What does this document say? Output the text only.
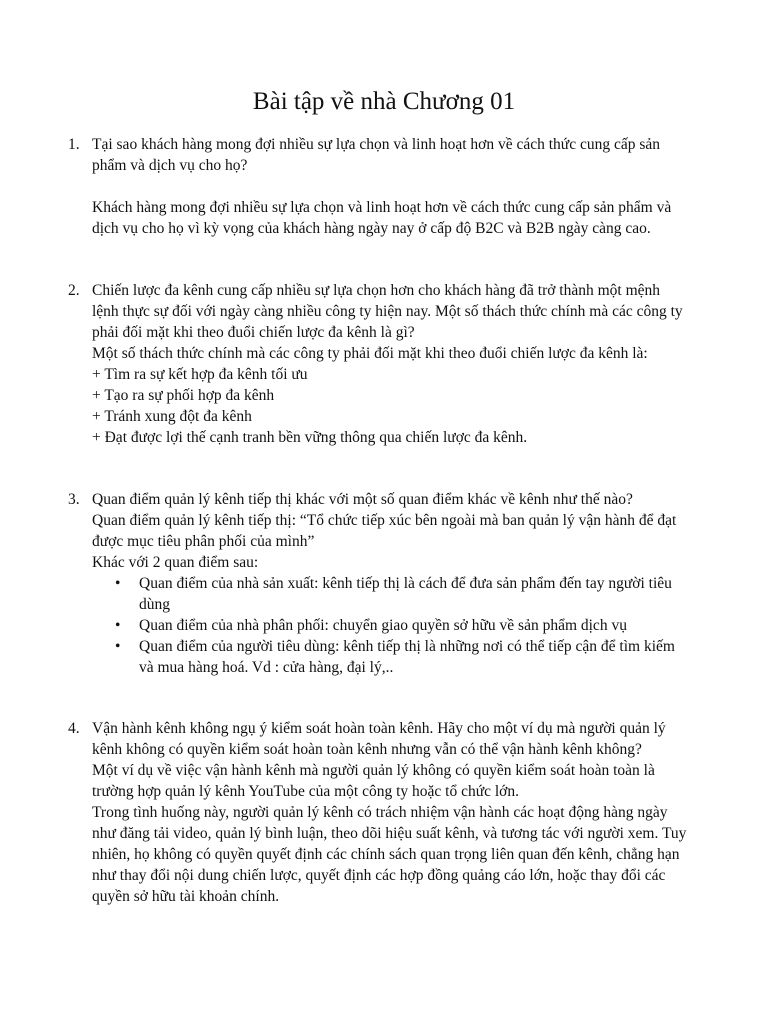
Bài tập về nhà Chương 01
1. Tại sao khách hàng mong đợi nhiều sự lựa chọn và linh hoạt hơn về cách thức cung cấp sản phẩm và dịch vụ cho họ?

Khách hàng mong đợi nhiều sự lựa chọn và linh hoạt hơn về cách thức cung cấp sản phẩm và dịch vụ cho họ vì kỳ vọng của khách hàng ngày nay ở cấp độ B2C và B2B ngày càng cao.

2. Chiến lược đa kênh cung cấp nhiều sự lựa chọn hơn cho khách hàng đã trở thành một mệnh lệnh thực sự đối với ngày càng nhiều công ty hiện nay. Một số thách thức chính mà các công ty phải đối mặt khi theo đuổi chiến lược đa kênh là gì?

Một số thách thức chính mà các công ty phải đối mặt khi theo đuổi chiến lược đa kênh là:

+ Tìm ra sự kết hợp đa kênh tối ưu

+ Tạo ra sự phối hợp đa kênh

+ Tránh xung đột đa kênh

+ Đạt được lợi thế cạnh tranh bền vững thông qua chiến lược đa kênh.

3. Quan điểm quản lý kênh tiếp thị khác với một số quan điểm khác về kênh như thế nào?

Quan điểm quản lý kênh tiếp thị: “Tổ chức tiếp xúc bên ngoài mà ban quản lý vận hành để đạt được mục tiêu phân phối của mình”

Khác với 2 quan điểm sau:

• Quan điểm của nhà sản xuất: kênh tiếp thị là cách để đưa sản phẩm đến tay người tiêu dùng
• Quan điểm của nhà phân phối: chuyển giao quyền sở hữu về sản phẩm dịch vụ
• Quan điểm của người tiêu dùng: kênh tiếp thị là những nơi có thể tiếp cận để tìm kiếm và mua hàng hoá. Vd : cửa hàng, đại lý,..
4. Vận hành kênh không ngụ ý kiểm soát hoàn toàn kênh. Hãy cho một ví dụ mà người quản lý kênh không có quyền kiểm soát hoàn toàn kênh nhưng vẫn có thể vận hành kênh không?

Một ví dụ về việc vận hành kênh mà người quản lý không có quyền kiểm soát hoàn toàn là trường hợp quản lý kênh YouTube của một công ty hoặc tổ chức lớn.

Trong tình huống này, người quản lý kênh có trách nhiệm vận hành các hoạt động hàng ngày như đăng tải video, quản lý bình luận, theo dõi hiệu suất kênh, và tương tác với người xem. Tuy nhiên, họ không có quyền quyết định các chính sách quan trọng liên quan đến kênh, chẳng hạn như thay đổi nội dung chiến lược, quyết định các hợp đồng quảng cáo lớn, hoặc thay đổi các quyền sở hữu tài khoản chính.
